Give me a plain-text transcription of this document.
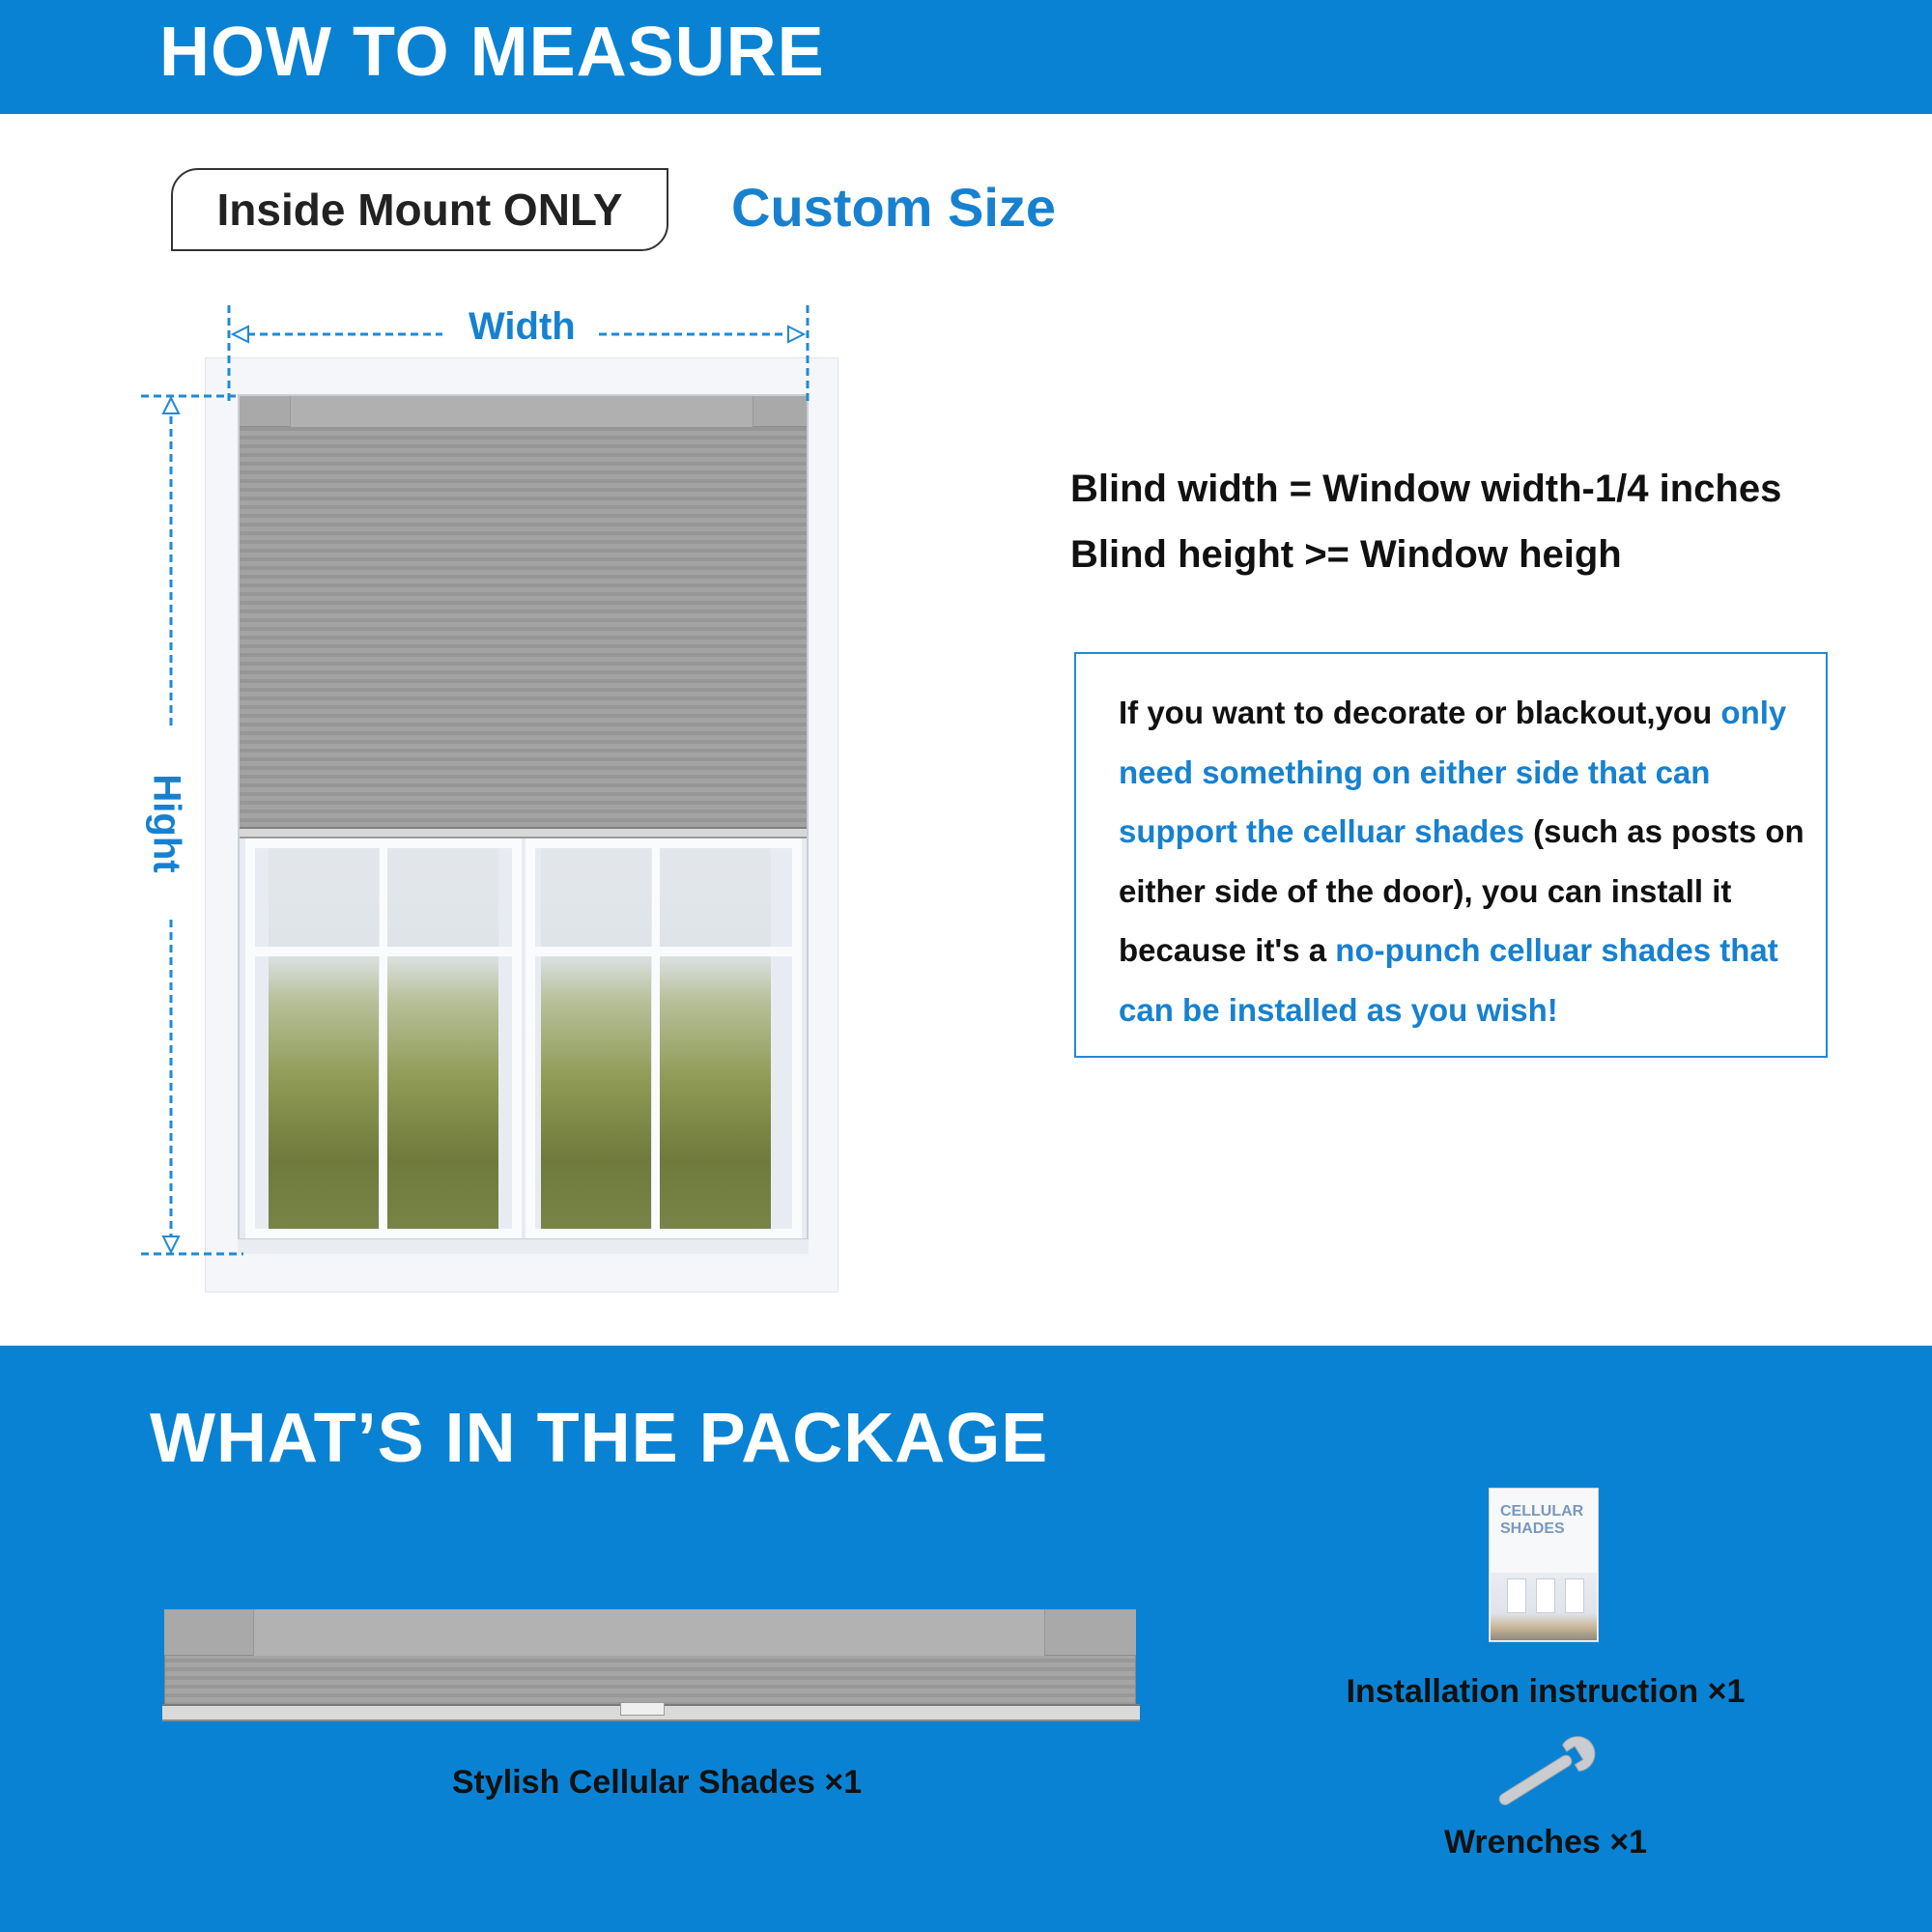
HOW TO MEASURE
Inside Mount ONLY	Custom Size
Width
Hight
Blind width = Window width-1/4 inches
Blind height >= Window heigh
If you want to decorate or blackout,you only need something on either side that can support the celluar shades (such as posts on either side of the door), you can install it because it's a no-punch celluar shades that can be installed as you wish!
WHAT’S IN THE PACKAGE
Stylish Cellular Shades ×1
CELLULAR SHADES
Installation instruction ×1
Wrenches ×1
